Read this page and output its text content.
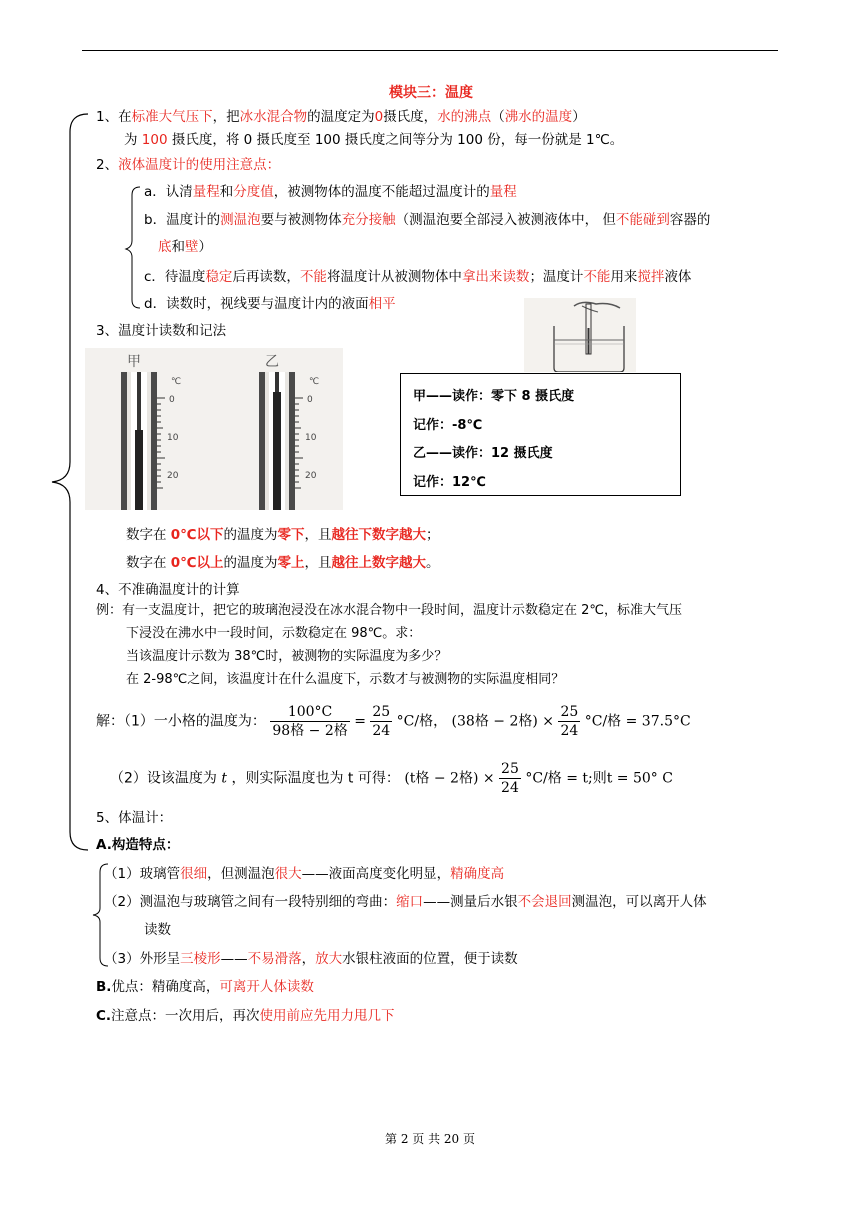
模块三：温度
1、在标准大气压下，把冰水混合物的温度定为0摄氏度，水的沸点（沸水的温度）
为 100 摄氏度，将 0 摄氏度至 100 摄氏度之间等分为 100 份，每一份就是 1℃。
2、液体温度计的使用注意点：
a．认清量程和分度值，被测物体的温度不能超过温度计的量程
b．温度计的测温泡要与被测物体充分接触（测温泡要全部浸入被测液体中， 但不能碰到容器的
底和壁）
c．待温度稳定后再读数，不能将温度计从被测物体中拿出来读数；温度计不能用来搅拌液体
d．读数时，视线要与温度计内的液面相平
3、温度计读数和记法
甲	乙
℃	℃
0
10
20
0
10
20
甲——读作：零下 8 摄氏度
记作：-8℃
乙——读作：12 摄氏度
记作：12℃
数字在 0℃以下的温度为零下，且越往下数字越大；
数字在 0℃以上的温度为零上，且越往上数字越大。
4、不准确温度计的计算
例：有一支温度计，把它的玻璃泡浸没在冰水混合物中一段时间，温度计示数稳定在 2℃，标准大气压
下浸没在沸水中一段时间，示数稳定在 98℃。求：
当该温度计示数为 38℃时，被测物的实际温度为多少？
在 2-98℃之间，该温度计在什么温度下，示数才与被测物的实际温度相同？
解：（1）一小格的温度为： $\frac{100^\circ C}{\text{98格 − 2格}} = \frac{25}{24} ^\circ C/$格， (38格 − 2格) × $\frac{25}{24} ^\circ C/$格 = 37.5°C
（2）设该温度为 t ，则实际温度也为 t 可得： (t格 − 2格) × $\frac{25}{24} ^\circ C/$格 = t;则t = 50° C
5、体温计：
A.构造特点：
（1）玻璃管很细，但测温泡很大——液面高度变化明显，精确度高
（2）测温泡与玻璃管之间有一段特别细的弯曲：缩口——测量后水银不会退回测温泡，可以离开人体
读数
（3）外形呈三棱形——不易滑落，放大水银柱液面的位置，便于读数
B.优点：精确度高，可离开人体读数
C.注意点：一次用后，再次使用前应先用力甩几下
第 2 页 共 20 页
